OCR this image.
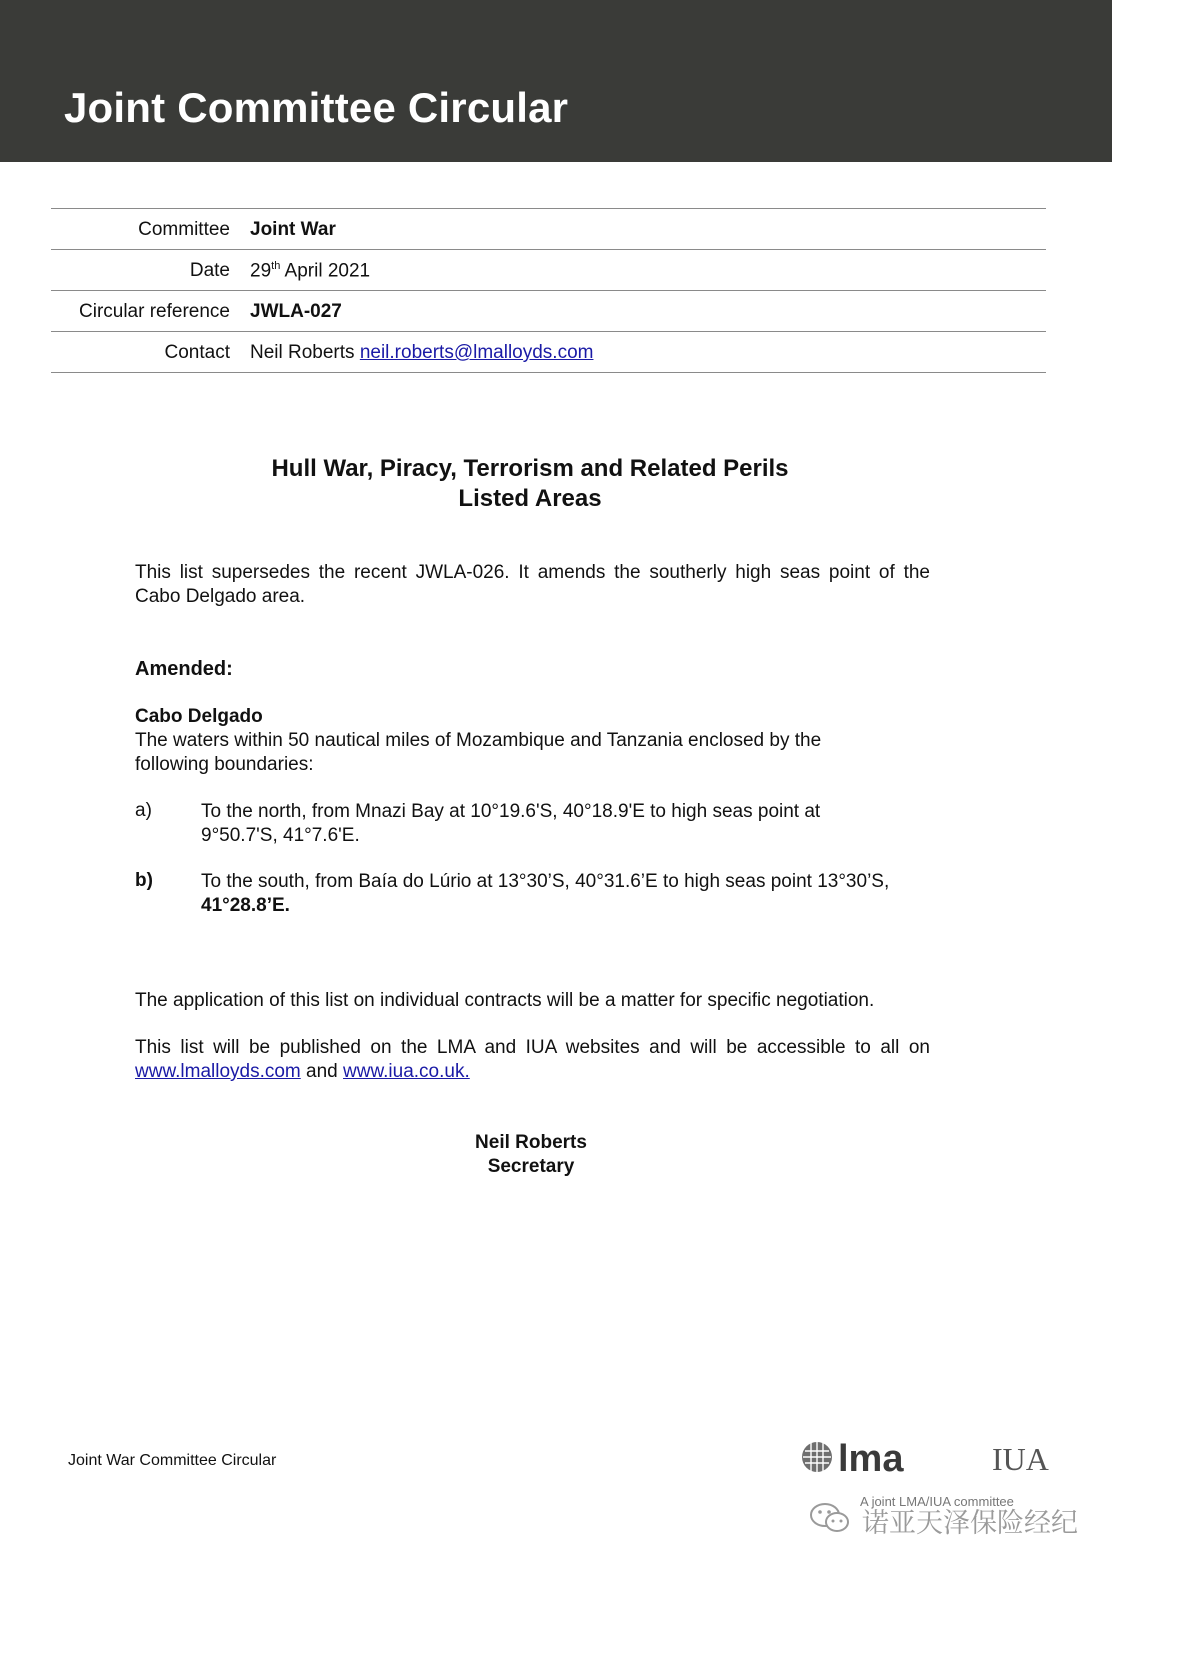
Joint Committee Circular
Committee Joint War
Date 29th April 2021
Circular reference JWLA-027
Contact Neil Roberts neil.roberts@lmalloyds.com
Hull War, Piracy, Terrorism and Related Perils
Listed Areas
This list supersedes the recent JWLA-026. It amends the southerly high seas point of the Cabo Delgado area.
Amended:
Cabo Delgado
The waters within 50 nautical miles of Mozambique and Tanzania enclosed by the following boundaries:
a)	To the north, from Mnazi Bay at 10°19.6'S, 40°18.9'E to high seas point at 9°50.7'S, 41°7.6'E.
b)	To the south, from Baía do Lúrio at 13°30’S, 40°31.6’E to high seas point 13°30’S, 41°28.8’E.
The application of this list on individual contracts will be a matter for specific negotiation.
This list will be published on the LMA and IUA websites and will be accessible to all on www.lmalloyds.com and www.iua.co.uk.
Neil Roberts
Secretary
Joint War Committee Circular	lma	IUA
A joint LMA/IUA committee
诺亚天泽保险经纪
